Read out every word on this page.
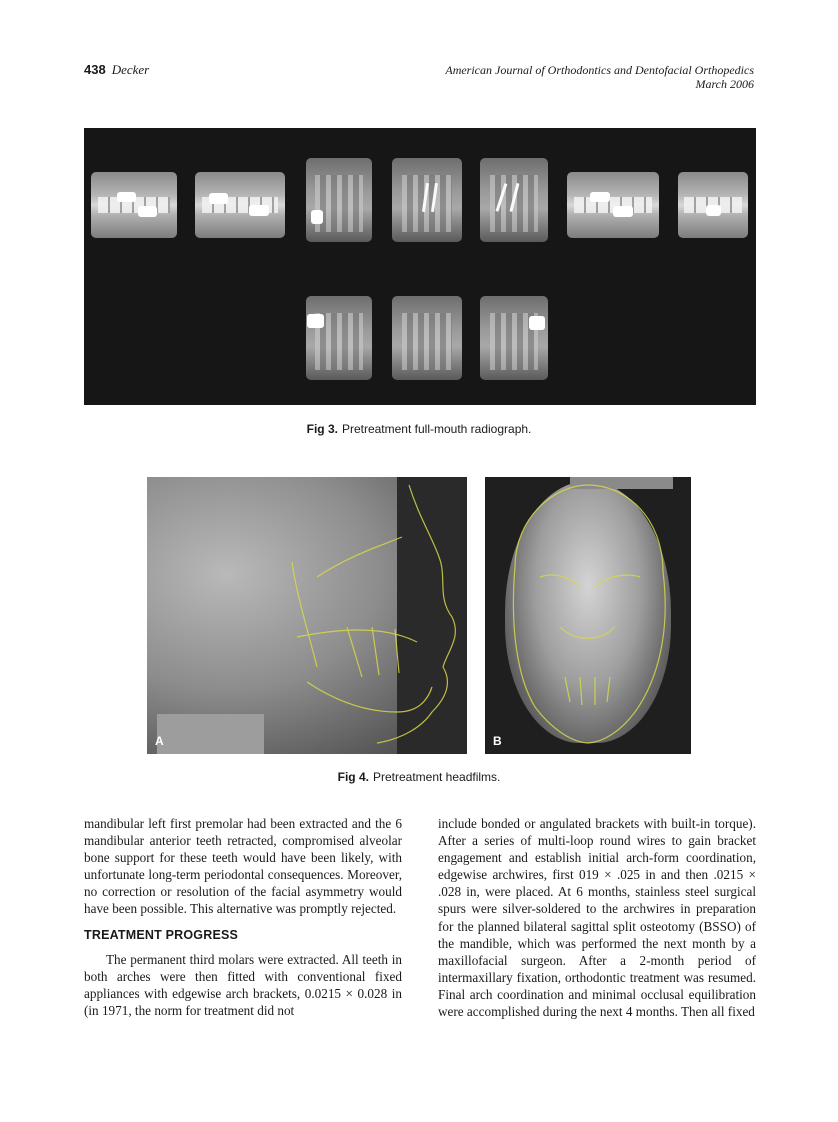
438 Decker	American Journal of Orthodontics and Dentofacial Orthopedics
March 2006
Fig 3. Pretreatment full-mouth radiograph.
A	B
Fig 4. Pretreatment headfilms.

mandibular left first premolar had been extracted and the 6 mandibular anterior teeth retracted, compromised alveolar bone support for these teeth would have been likely, with unfortunate long-term periodontal consequences. Moreover, no correction or resolution of the facial asymmetry would have been possible. This alternative was promptly rejected.

TREATMENT PROGRESS

The permanent third molars were extracted. All teeth in both arches were then fitted with conventional fixed appliances with edgewise arch brackets, 0.0215 × 0.028 in (in 1971, the norm for treatment did not

include bonded or angulated brackets with built-in torque). After a series of multi-loop round wires to gain bracket engagement and establish initial arch-form coordination, edgewise archwires, first 019 × .025 in and then .0215 × .028 in, were placed. At 6 months, stainless steel surgical spurs were silver-soldered to the archwires in preparation for the planned bilateral sagittal split osteotomy (BSSO) of the mandible, which was performed the next month by a maxillofacial surgeon. After a 2-month period of intermaxillary fixation, orthodontic treatment was resumed. Final arch coordination and minimal occlusal equilibration were accomplished during the next 4 months. Then all fixed
